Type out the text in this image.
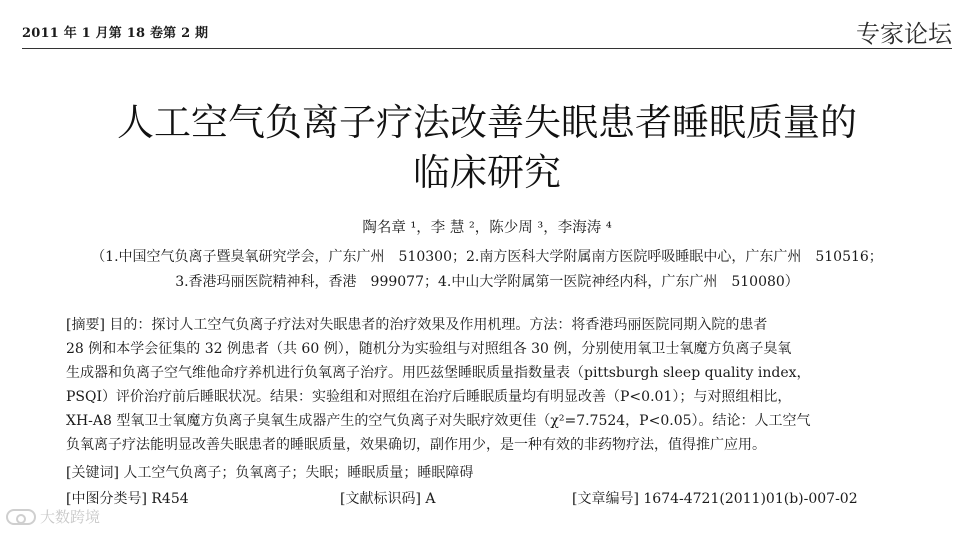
2011 年 1 月第 18 卷第 2 期	专家论坛
人工空气负离子疗法改善失眠患者睡眠质量的
临床研究
陶名章 ¹，李 慧 ²，陈少周 ³，李海涛 ⁴
（1.中国空气负离子暨臭氧研究学会，广东广州　510300；2.南方医科大学附属南方医院呼吸睡眠中心，广东广州　510516；
3.香港玛丽医院精神科，香港　999077；4.中山大学附属第一医院神经内科，广东广州　510080）
[摘要] 目的：探讨人工空气负离子疗法对失眠患者的治疗效果及作用机理。方法：将香港玛丽医院同期入院的患者
28 例和本学会征集的 32 例患者（共 60 例），随机分为实验组与对照组各 30 例，分别使用氧卫士氧魔方负离子臭氧
生成器和负离子空气维他命疗养机进行负氧离子治疗。用匹兹堡睡眠质量指数量表（pittsburgh sleep quality index，
PSQI）评价治疗前后睡眠状况。结果：实验组和对照组在治疗后睡眠质量均有明显改善（P<0.01）；与对照组相比，
XH-A8 型氧卫士氧魔方负离子臭氧生成器产生的空气负离子对失眠疗效更佳（χ²=7.7524，P<0.05）。结论：人工空气
负氧离子疗法能明显改善失眠患者的睡眠质量，效果确切，副作用少，是一种有效的非药物疗法，值得推广应用。
[关键词] 人工空气负离子；负氧离子；失眠；睡眠质量；睡眠障碍
[中图分类号] R454	[文献标识码] A	[文章编号] 1674-4721(2011)01(b)-007-02
大数跨境
